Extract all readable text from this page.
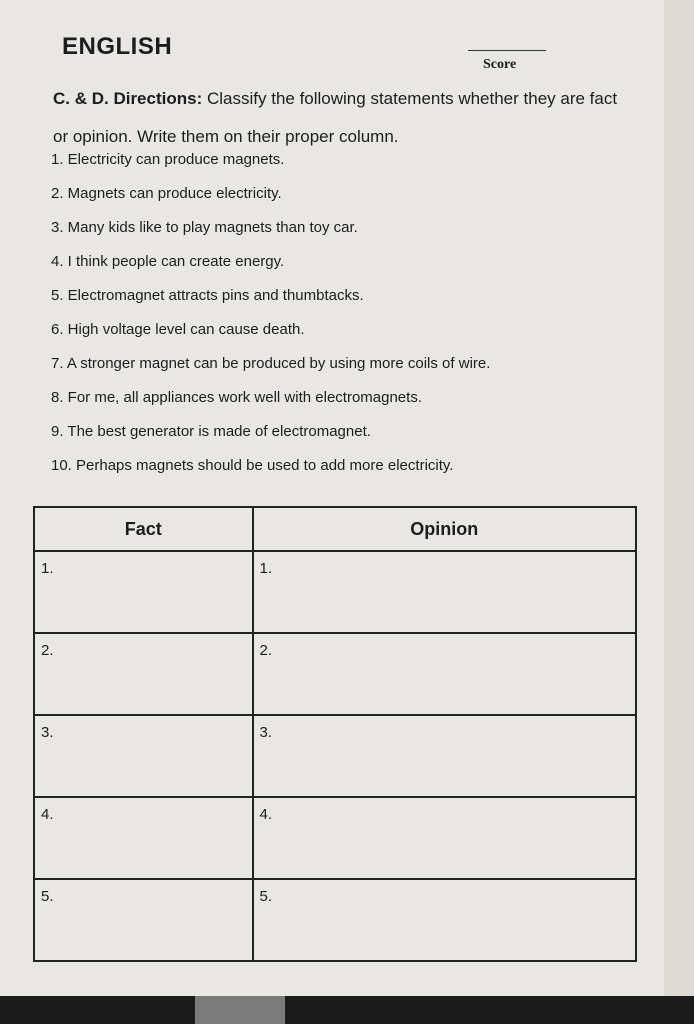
ENGLISH
Score
C. & D. Directions: Classify the following statements whether they are fact or opinion. Write them on their proper column.
1. Electricity can produce magnets.
2. Magnets can produce electricity.
3. Many kids like to play magnets than toy car.
4. I think people can create energy.
5. Electromagnet attracts pins and thumbtacks.
6. High voltage level can cause death.
7. A stronger magnet can be produced by using more coils of wire.
8. For me, all appliances work well with electromagnets.
9. The best generator is made of electromagnet.
10. Perhaps magnets should be used to add more electricity.
Fact	Opinion
1.	1.
2.	2.
3.	3.
4.	4.
5.	5.
